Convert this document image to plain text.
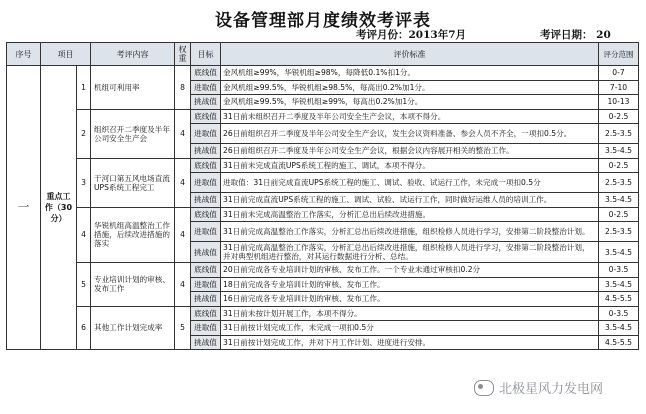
设备管理部月度绩效考评表
考评月份：2013年7月	考评日期： 20
序号	项目		考评内容	权重	目标	评价标准	评分范围
一	重点工作（30分）	1	机组可利用率	8	底线值	金风机组≥99%，华锐机组≥98%，每降低0.1%扣1分。	0-7
					进取值	金风机组≥99.5%，华锐机组≥98.5%，每高出0.2%加1分。	7-10
					挑战值	金风机组≥99.5%，华锐机组≥99%，每高出0.2%加1分。	10-13
		2	组织召开二季度及半年公司安全生产会	4	底线值	31日前未组织召开二季度及半年公司安全生产会议，本项不得分。	0-2.5
					进取值	26日前组织召开二季度及半年公司安全生产会议，发生会议资料准备、参会人员不齐全，一项扣0.5分。	2.5-3.5
					挑战值	26日前组织召开二季度及半年公司安全生产会议，根据会议内容展开相关的整治工作。	3.5-4.5
		3	干河口第五风电场直流UPS系统工程完工	4	底线值	31日前未完成直流UPS系统工程的施工、调试，本项不得分。	0-2.5
					进取值	进取值：31日前完成直流UPS系统工程的施工、调试、验收、试运行工作，未完成一项扣0.5分	2.5-3.5
					挑战值	31日前完成直流UPS系统工程的施工、调试、试验、试运行工作，同时做好运维人员的培训工作。	3.5-4.5
		4	华锐机组高温整治工作措施，后续改进措施的落实	4	底线值	31日前未完成高温整治工作落实，分析汇总出后续改进措施。	0-2.5
					进取值	31日前完成高温整治工作落实，分析汇总出后续改进措施，组织检修人员进行学习，安排第二阶段整治计划。	2.5-3.5
					挑战值	31日前完成高温整治工作落实，分析汇总出后续改进措施，组织检修人员进行学习，安排第二阶段整治计划，并对典型机组进行整治，对其运行数据进行分析、总结。	3.5-4.5
		5	专业培训计划的审核、发布工作	4	底线值	20日前完成各专业培训计划的审核、发布工作。一个专业未通过审核扣0.2分	0-3.5
					进取值	18日前完成各专业培训计划的审核、发布工作。	3.5-4.5
					挑战值	16日前完成各专业培训计划的审核、发布工作。	4.5-5.5
		6	其他工作计划完成率	5	底线值	31日前未按计划开展工作，本项不得分。	0-3.5
					进取值	31日前按计划完成工作，未完成一项扣0.5分	3.5-4.5
					挑战值	31日前按计划完成工作，并对下月工作计划、进度进行安排。	4.5-5.5
北极星风力发电网
